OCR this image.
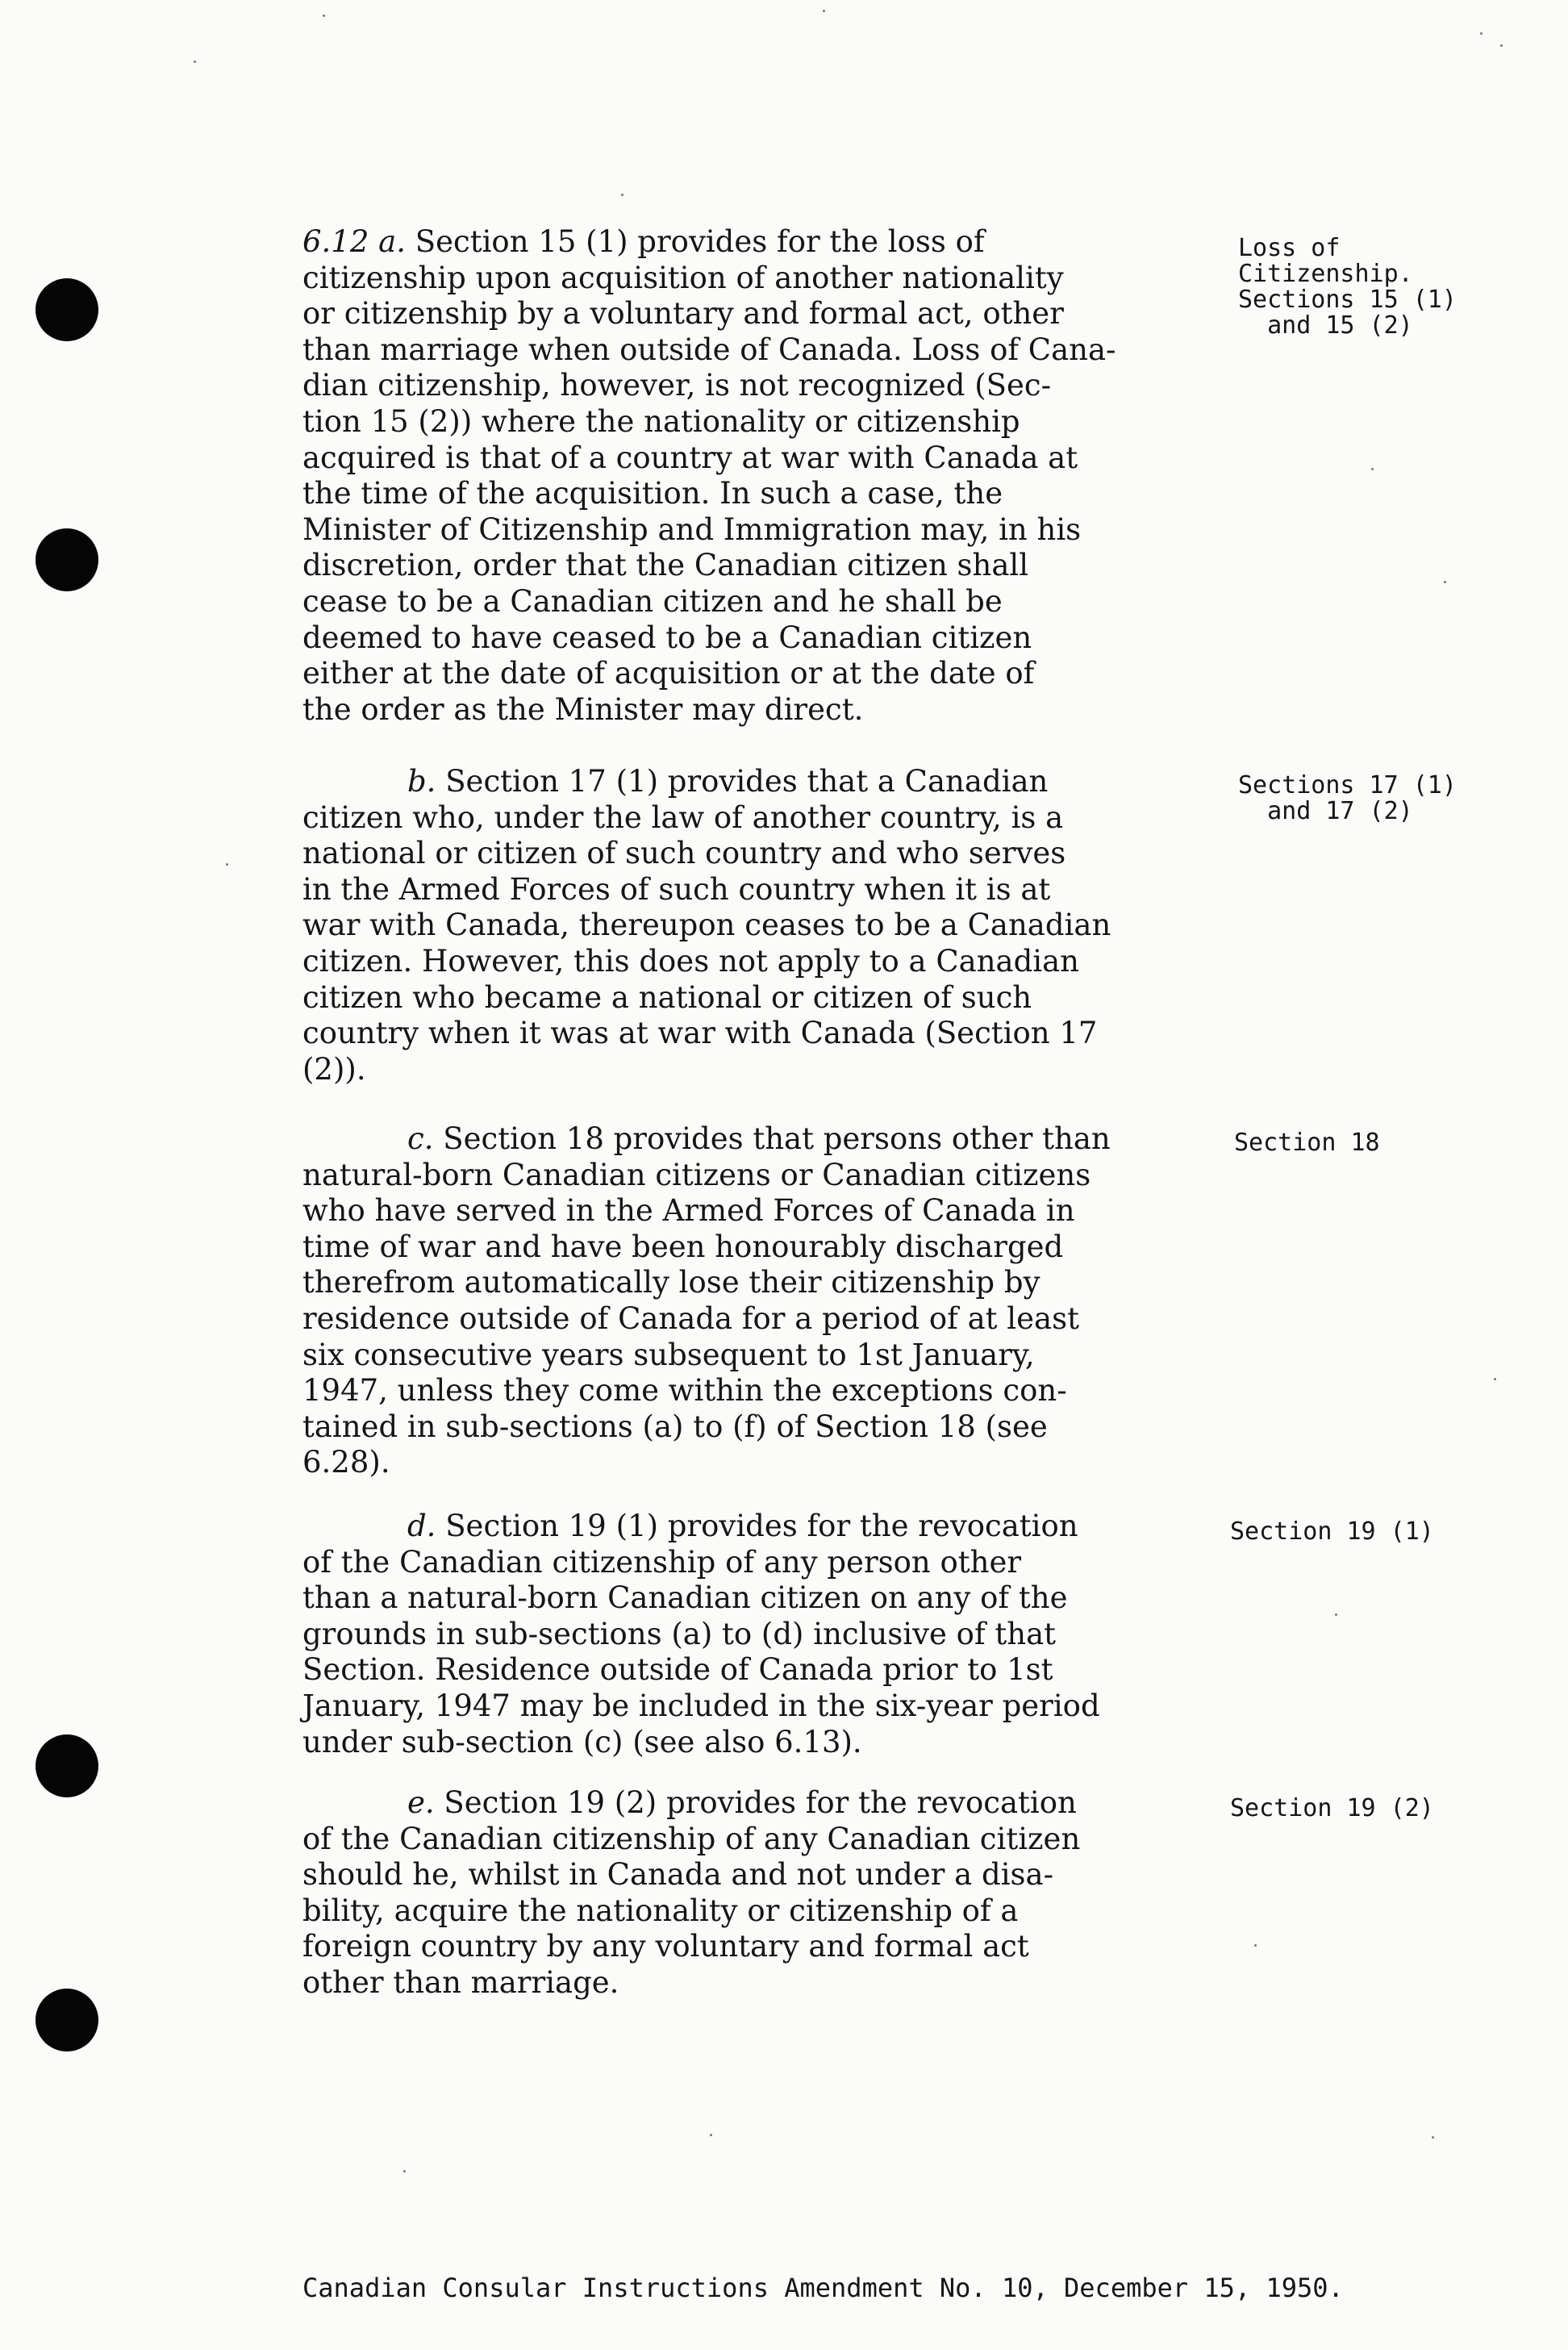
6.12 a. Section 15 (1) provides for the loss of
citizenship upon acquisition of another nationality
or citizenship by a voluntary and formal act, other
than marriage when outside of Canada. Loss of Cana-
dian citizenship, however, is not recognized (Sec-
tion 15 (2)) where the nationality or citizenship
acquired is that of a country at war with Canada at
the time of the acquisition. In such a case, the
Minister of Citizenship and Immigration may, in his
discretion, order that the Canadian citizen shall
cease to be a Canadian citizen and he shall be
deemed to have ceased to be a Canadian citizen
either at the date of acquisition or at the date of
the order as the Minister may direct.

Loss of
Citizenship.
Sections 15 (1)
and 15 (2)

b. Section 17 (1) provides that a Canadian
citizen who, under the law of another country, is a
national or citizen of such country and who serves
in the Armed Forces of such country when it is at
war with Canada, thereupon ceases to be a Canadian
citizen. However, this does not apply to a Canadian
citizen who became a national or citizen of such
country when it was at war with Canada (Section 17
(2)).

Sections 17 (1)
and 17 (2)

c. Section 18 provides that persons other than
natural-born Canadian citizens or Canadian citizens
who have served in the Armed Forces of Canada in
time of war and have been honourably discharged
therefrom automatically lose their citizenship by
residence outside of Canada for a period of at least
six consecutive years subsequent to 1st January,
1947, unless they come within the exceptions con-
tained in sub-sections (a) to (f) of Section 18 (see
6.28).

Section 18

d. Section 19 (1) provides for the revocation
of the Canadian citizenship of any person other
than a natural-born Canadian citizen on any of the
grounds in sub-sections (a) to (d) inclusive of that
Section. Residence outside of Canada prior to 1st
January, 1947 may be included in the six-year period
under sub-section (c) (see also 6.13).

Section 19 (1)

e. Section 19 (2) provides for the revocation
of the Canadian citizenship of any Canadian citizen
should he, whilst in Canada and not under a disa-
bility, acquire the nationality or citizenship of a
foreign country by any voluntary and formal act
other than marriage.

Section 19 (2)
Canadian Consular Instructions Amendment No. 10, December 15, 1950.
